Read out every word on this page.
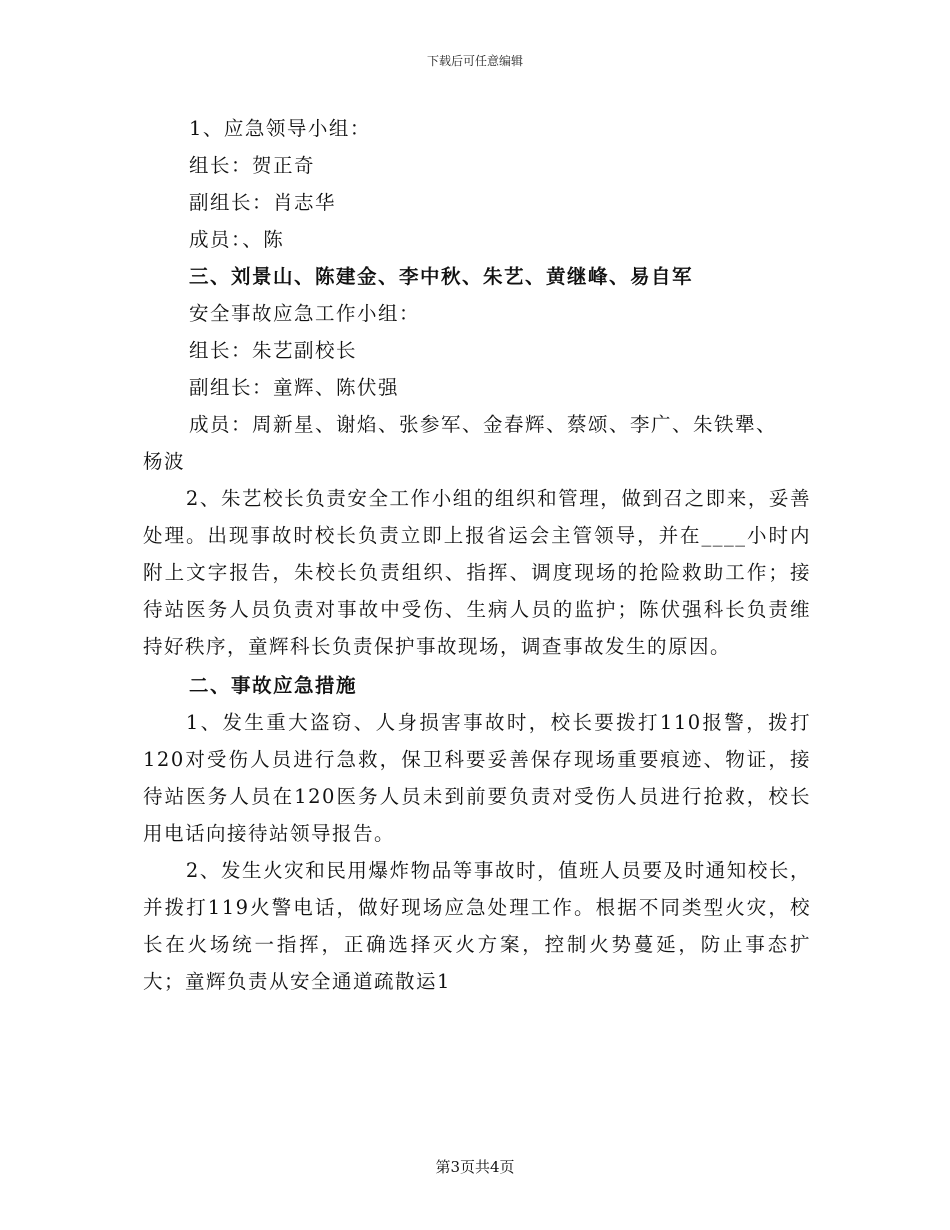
下载后可任意编辑
1、应急领导小组：
组长：贺正奇
副组长：肖志华
成员：、陈
三、刘景山、陈建金、李中秋、朱艺、黄继峰、易自军
安全事故应急工作小组：
组长：朱艺副校长
副组长：童辉、陈伏强
成员：周新星、谢焰、张参军、金春辉、蔡颂、李广、朱铁犟、
杨波
2、朱艺校长负责安全工作小组的组织和管理，做到召之即来，妥善处理。出现事故时校长负责立即上报省运会主管领导，并在____小时内附上文字报告，朱校长负责组织、指挥、调度现场的抢险救助工作；接待站医务人员负责对事故中受伤、生病人员的监护；陈伏强科长负责维持好秩序，童辉科长负责保护事故现场，调查事故发生的原因。
二、事故应急措施
1、发生重大盗窃、人身损害事故时，校长要拨打110报警，拨打120对受伤人员进行急救，保卫科要妥善保存现场重要痕迹、物证，接待站医务人员在120医务人员未到前要负责对受伤人员进行抢救，校长用电话向接待站领导报告。
2、发生火灾和民用爆炸物品等事故时，值班人员要及时通知校长，并拨打119火警电话，做好现场应急处理工作。根据不同类型火灾，校长在火场统一指挥，正确选择灭火方案，控制火势蔓延，防止事态扩大；童辉负责从安全通道疏散运1
第3页共4页
